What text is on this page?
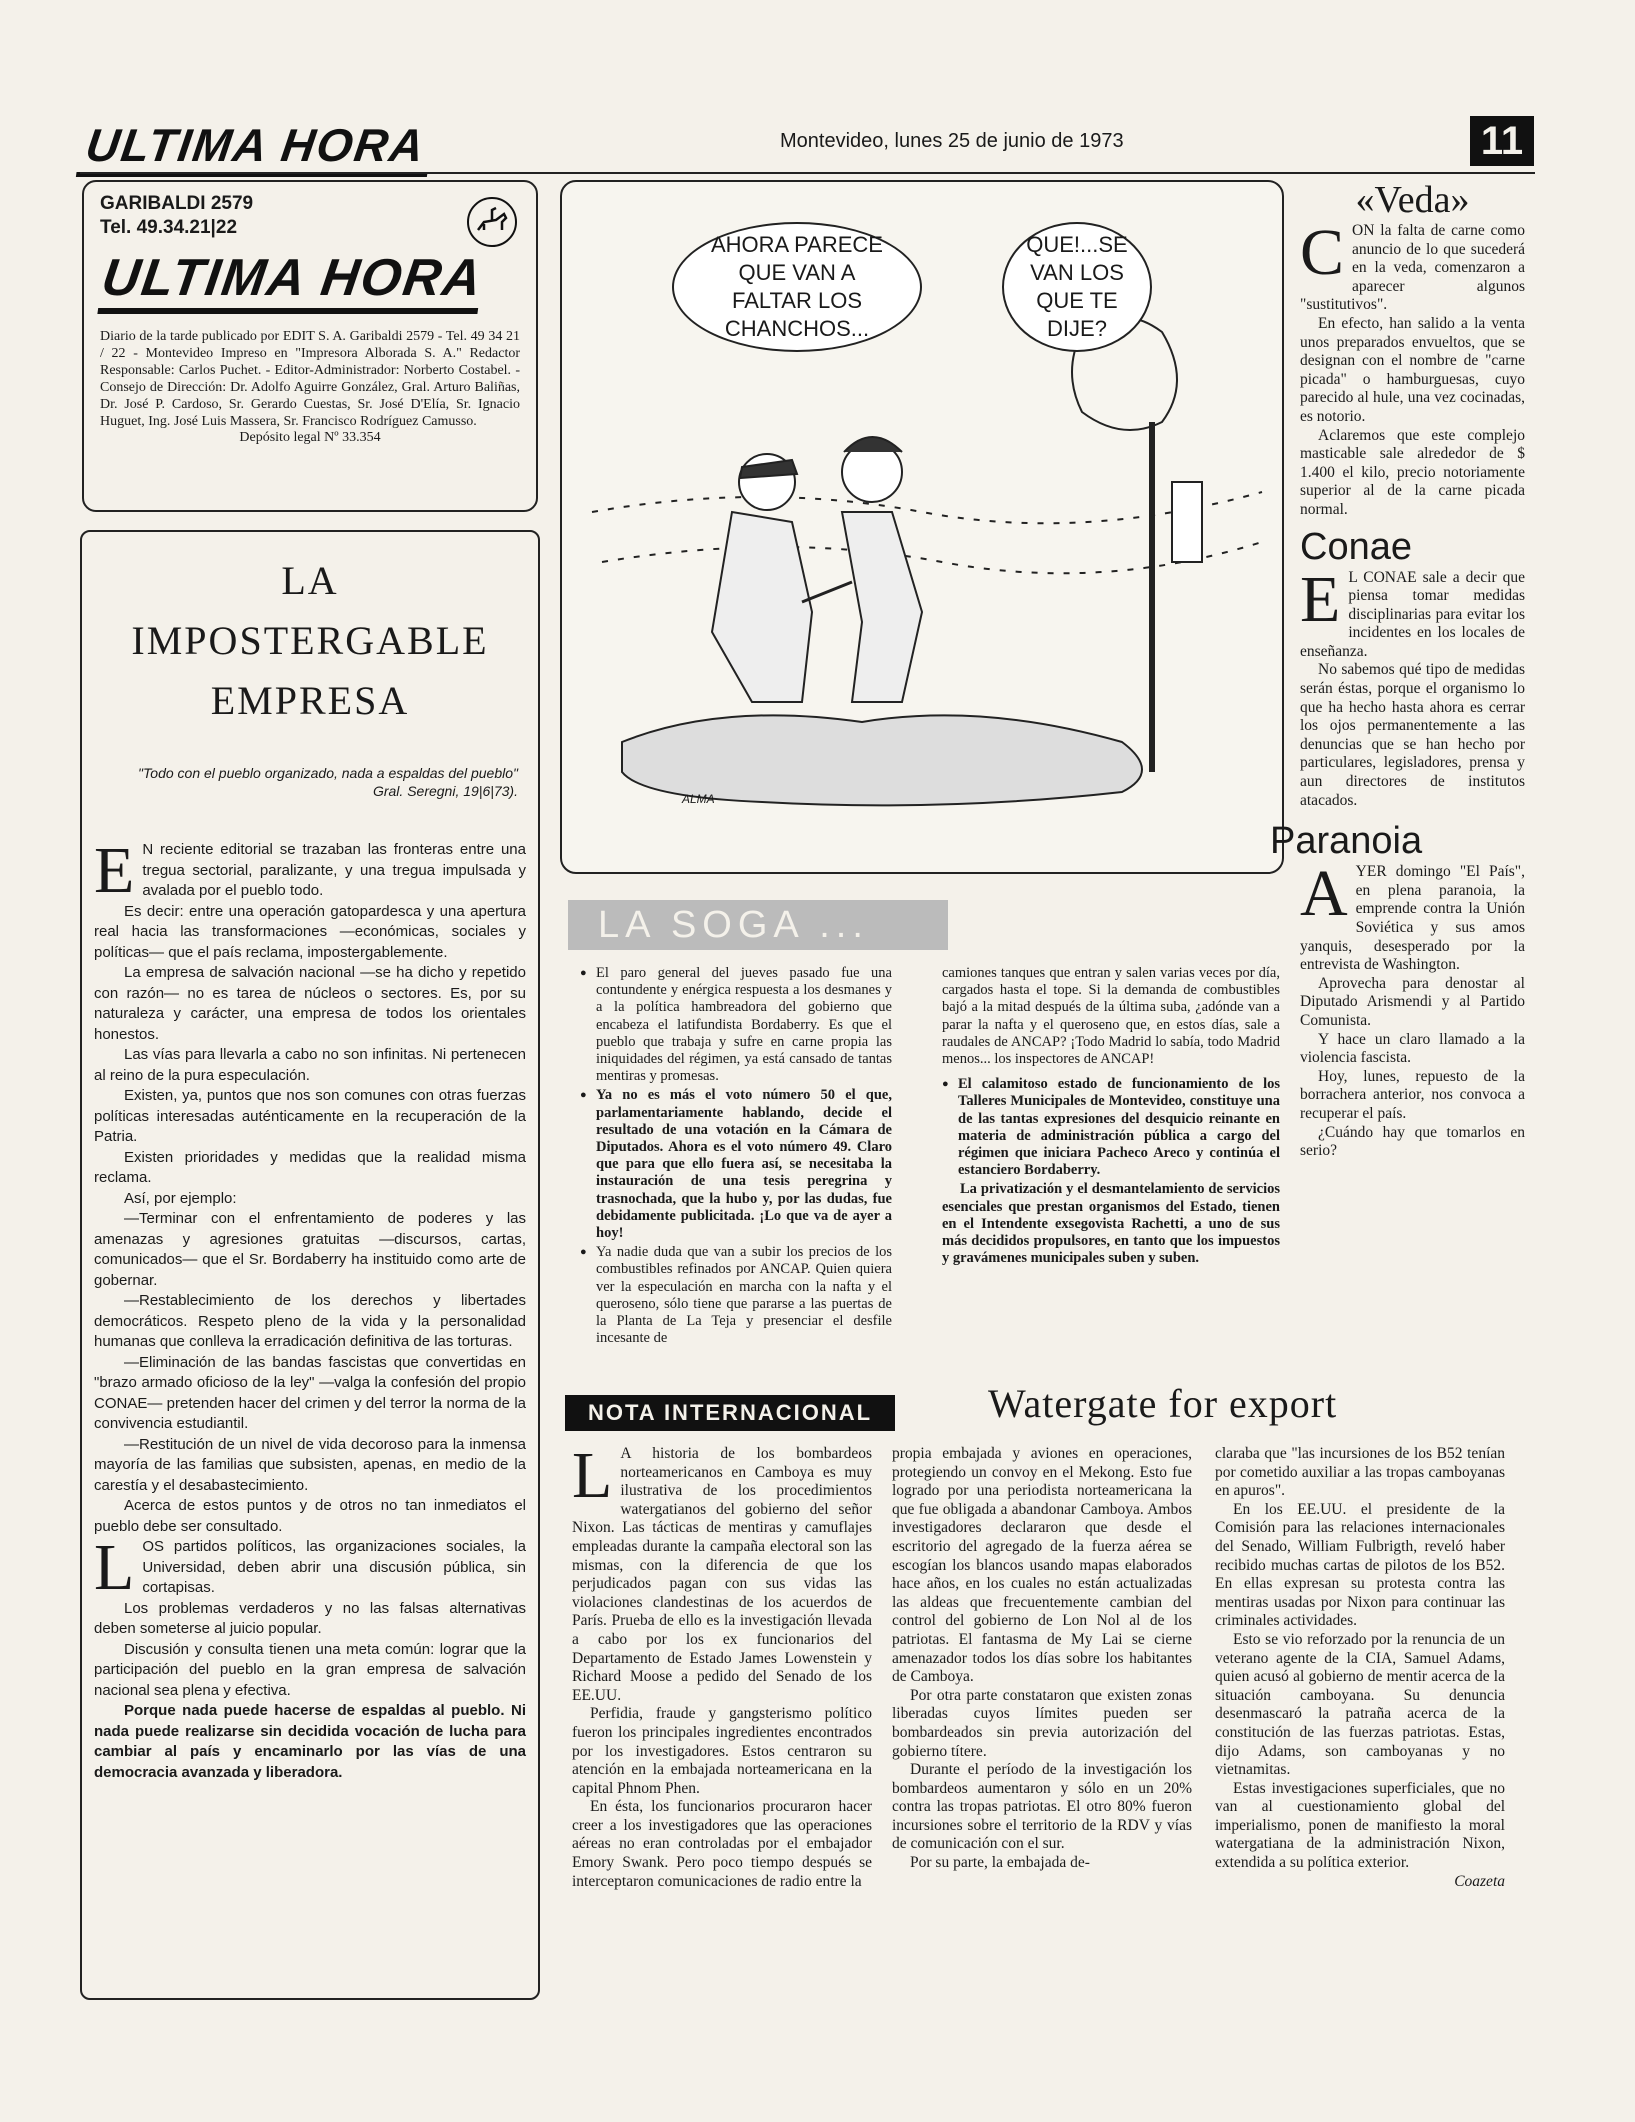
ULTIMA HORA	Montevideo, lunes 25 de junio de 1973	11
GARIBALDI 2579
Tel. 49.34.21|22
ULTIMA HORA
Diario de la tarde publicado por EDIT S. A. Garibaldi 2579 - Tel. 49 34 21 / 22 - Montevideo Impreso en "Impresora Alborada S. A." Redactor Responsable: Carlos Puchet. - Editor-Administrador: Norberto Costabel. - Consejo de Dirección: Dr. Adolfo Aguirre González, Gral. Arturo Baliñas, Dr. José P. Cardoso, Sr. Gerardo Cuestas, Sr. José D'Elía, Sr. Ignacio Huguet, Ing. José Luis Massera, Sr. Francisco Rodríguez Camusso.
Depósito legal Nº 33.354
LA
IMPOSTERGABLE
EMPRESA
"Todo con el pueblo organizado, nada a espaldas del pueblo"
Gral. Seregni, 19|6|73).

E N reciente editorial se trazaban las fronteras entre una tregua sectorial, paralizante, y una tregua impulsada y avalada por el pueblo todo.

Es decir: entre una operación gatopardesca y una apertura real hacia las transformaciones —económicas, sociales y políticas— que el país reclama, impostergablemente.

La empresa de salvación nacional —se ha dicho y repetido con razón— no es tarea de núcleos o sectores. Es, por su naturaleza y carácter, una empresa de todos los orientales honestos.

Las vías para llevarla a cabo no son infinitas. Ni pertenecen al reino de la pura especulación.

Existen, ya, puntos que nos son comunes con otras fuerzas políticas interesadas auténticamente en la recuperación de la Patria.

Existen prioridades y medidas que la realidad misma reclama.

Así, por ejemplo:

—Terminar con el enfrentamiento de poderes y las amenazas y agresiones gratuitas —discursos, cartas, comunicados— que el Sr. Bordaberry ha instituido como arte de gobernar.

—Restablecimiento de los derechos y libertades democráticos. Respeto pleno de la vida y la personalidad humanas que conlleva la erradicación definitiva de las torturas.

—Eliminación de las bandas fascistas que convertidas en "brazo armado oficioso de la ley" —valga la confesión del propio CONAE— pretenden hacer del crimen y del terror la norma de la convivencia estudiantil.

—Restitución de un nivel de vida decoroso para la inmensa mayoría de las familias que subsisten, apenas, en medio de la carestía y el desabastecimiento.

Acerca de estos puntos y de otros no tan inmediatos el pueblo debe ser consultado.

LOS partidos políticos, las organizaciones sociales, la Universidad, deben abrir una discusión pública, sin cortapisas.

Los problemas verdaderos y no las falsas alternativas deben someterse al juicio popular.

Discusión y consulta tienen una meta común: lograr que la participación del pueblo en la gran empresa de salvación nacional sea plena y efectiva.

Porque nada puede hacerse de espaldas al pueblo. Ni nada puede realizarse sin decidida vocación de lucha para cambiar al país y encaminarlo por las vías de una democracia avanzada y liberadora.

AHORA PARECE QUE VAN A FALTAR LOS CHANCHOS...
QUE!...SE VAN LOS QUE TE DIJE?
ALMA
LA SOGA ...

● El paro general del jueves pasado fue una contundente y enérgica respuesta a los desmanes y a la política hambreadora del gobierno que encabeza el latifundista Bordaberry. Es que el pueblo que trabaja y sufre en carne propia las iniquidades del régimen, ya está cansado de tantas mentiras y promesas.

● Ya no es más el voto número 50 el que, parlamentariamente hablando, decide el resultado de una votación en la Cámara de Diputados. Ahora es el voto número 49. Claro que para que ello fuera así, se necesitaba la instauración de una tesis peregrina y trasnochada, que la hubo y, por las dudas, fue debidamente publicitada. ¡Lo que va de ayer a hoy!

● Ya nadie duda que van a subir los precios de los combustibles refinados por ANCAP. Quien quiera ver la especulación en marcha con la nafta y el queroseno, sólo tiene que pararse a las puertas de la Planta de La Teja y presenciar el desfile incesante de

camiones tanques que entran y salen varias veces por día, cargados hasta el tope. Si la demanda de combustibles bajó a la mitad después de la última suba, ¿adónde van a parar la nafta y el queroseno que, en estos días, sale a raudales de ANCAP? ¡Todo Madrid lo sabía, todo Madrid menos... los inspectores de ANCAP!

● El calamitoso estado de funcionamiento de los Talleres Municipales de Montevideo, constituye una de las tantas expresiones del desquicio reinante en materia de administración pública a cargo del régimen que iniciara Pacheco Areco y continúa el estanciero Bordaberry.

La privatización y el desmantelamiento de servicios esenciales que prestan organismos del Estado, tienen en el Intendente exsegovista Rachetti, a uno de sus más decididos propulsores, en tanto que los impuestos y gravámenes municipales suben y suben.

NOTA INTERNACIONAL	Watergate for export

L A historia de los bombardeos norteamericanos en Camboya es muy ilustrativa de los procedimientos watergatianos del gobierno del señor Nixon. Las tácticas de mentiras y camuflajes empleadas durante la campaña electoral son las mismas, con la diferencia de que los perjudicados pagan con sus vidas las violaciones clandestinas de los acuerdos de París. Prueba de ello es la investigación llevada a cabo por los ex funcionarios del Departamento de Estado James Lowenstein y Richard Moose a pedido del Senado de los EE.UU.

Perfidia, fraude y gangsterismo político fueron los principales ingredientes encontrados por los investigadores. Estos centraron su atención en la embajada norteamericana en la capital Phnom Phen.

En ésta, los funcionarios procuraron hacer creer a los investigadores que las operaciones aéreas no eran controladas por el embajador Emory Swank. Pero poco tiempo después se interceptaron comunicaciones de radio entre la

propia embajada y aviones en operaciones, protegiendo un convoy en el Mekong. Esto fue logrado por una periodista norteamericana la que fue obligada a abandonar Camboya. Ambos investigadores declararon que desde el escritorio del agregado de la fuerza aérea se escogían los blancos usando mapas elaborados hace años, en los cuales no están actualizadas las aldeas que frecuentemente cambian del control del gobierno de Lon Nol al de los patriotas. El fantasma de My Lai se cierne amenazador todos los días sobre los habitantes de Camboya.

Por otra parte constataron que existen zonas liberadas cuyos límites pueden ser bombardeados sin previa autorización del gobierno títere.

Durante el período de la investigación los bombardeos aumentaron y sólo en un 20% contra las tropas patriotas. El otro 80% fueron incursiones sobre el territorio de la RDV y vías de comunicación con el sur.

Por su parte, la embajada de-

claraba que "las incursiones de los B52 tenían por cometido auxiliar a las tropas camboyanas en apuros".

En los EE.UU. el presidente de la Comisión para las relaciones internacionales del Senado, William Fulbrigth, reveló haber recibido muchas cartas de pilotos de los B52. En ellas expresan su protesta contra las mentiras usadas por Nixon para continuar las criminales actividades.

Esto se vio reforzado por la renuncia de un veterano agente de la CIA, Samuel Adams, quien acusó al gobierno de mentir acerca de la situación camboyana. Su denuncia desenmascaró la patraña acerca de la constitución de las fuerzas patriotas. Estas, dijo Adams, son camboyanas y no vietnamitas.

Estas investigaciones superficiales, que no van al cuestionamiento global del imperialismo, ponen de manifiesto la moral watergatiana de la administración Nixon, extendida a su política exterior.

Coazeta
«Veda»

CON la falta de carne como anuncio de lo que sucederá en la veda, comenzaron a aparecer algunos "sustitutivos".

En efecto, han salido a la venta unos preparados envueltos, que se designan con el nombre de "carne picada" o hamburguesas, cuyo parecido al hule, una vez cocinadas, es notorio.

Aclaremos que este complejo masticable sale alrededor de $ 1.400 el kilo, precio notoriamente superior al de la carne picada normal.

Conae

E L CONAE sale a decir que piensa tomar medidas disciplinarias para evitar los incidentes en los locales de enseñanza.

No sabemos qué tipo de medidas serán éstas, porque el organismo lo que ha hecho hasta ahora es cerrar los ojos permanentemente a las denuncias que se han hecho por particulares, legisladores, prensa y aun directores de institutos atacados.

Paranoia

AYER domingo "El País", en plena paranoia, la emprende contra la Unión Soviética y sus amos yanquis, desesperado por la entrevista de Washington.

Aprovecha para denostar al Diputado Arismendi y al Partido Comunista.

Y hace un claro llamado a la violencia fascista.

Hoy, lunes, repuesto de la borrachera anterior, nos convoca a recuperar el país.

¿Cuándo hay que tomarlos en serio?
